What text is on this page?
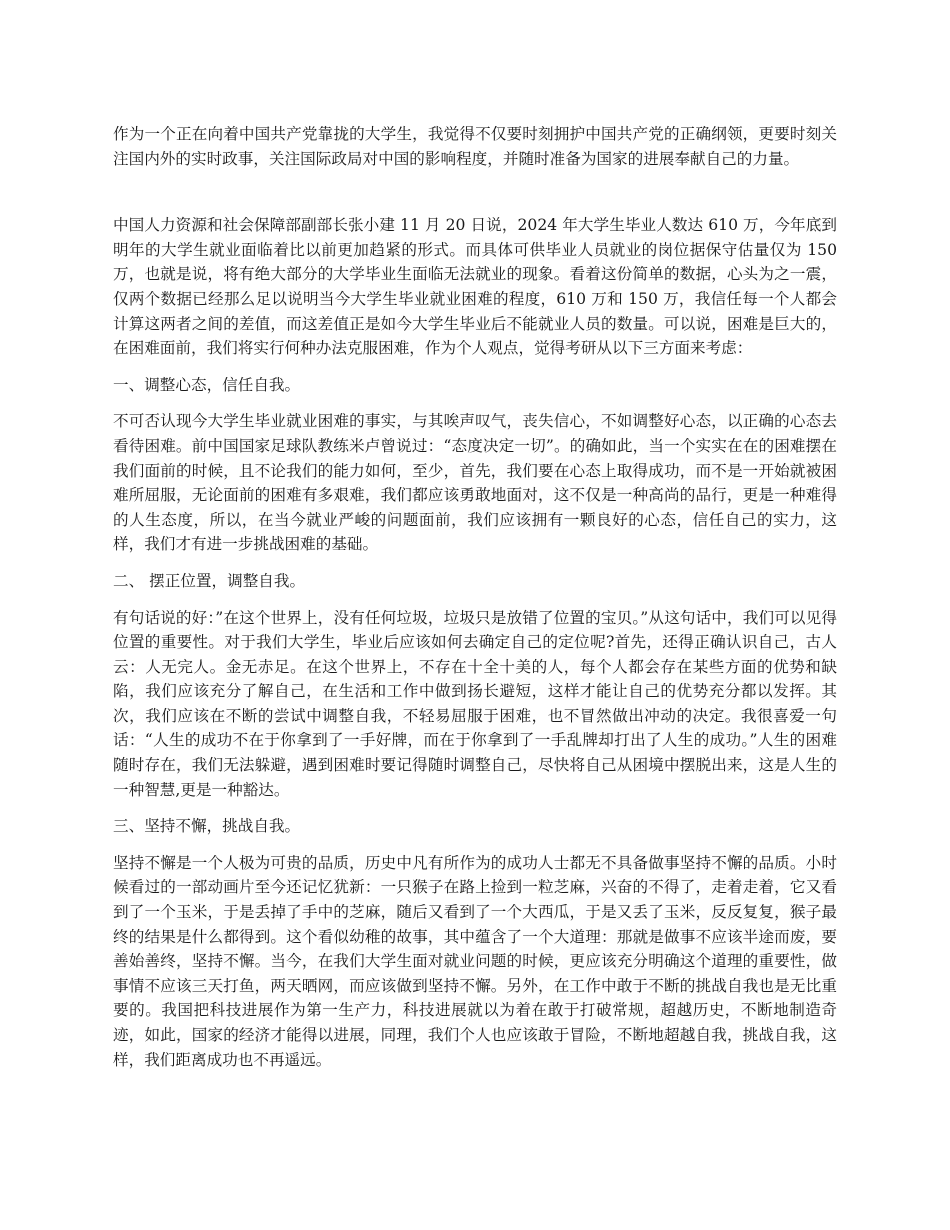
作为一个正在向着中国共产党靠拢的大学生，我觉得不仅要时刻拥护中国共产党的正确纲领，更要时刻关注国内外的实时政事，关注国际政局对中国的影响程度，并随时准备为国家的进展奉献自己的力量。

中国人力资源和社会保障部副部长张小建 11 月 20 日说，2024 年大学生毕业人数达 610 万，今年底到明年的大学生就业面临着比以前更加趋紧的形式。而具体可供毕业人员就业的岗位据保守估量仅为 150 万，也就是说，将有绝大部分的大学毕业生面临无法就业的现象。看着这份简单的数据，心头为之一震，仅两个数据已经那么足以说明当今大学生毕业就业困难的程度，610 万和 150 万，我信任每一个人都会计算这两者之间的差值，而这差值正是如今大学生毕业后不能就业人员的数量。可以说，困难是巨大的，在困难面前，我们将实行何种办法克服困难，作为个人观点，觉得考研从以下三方面来考虑：

一、调整心态，信任自我。

不可否认现今大学生毕业就业困难的事实，与其唉声叹气，丧失信心，不如调整好心态，以正确的心态去看待困难。前中国国家足球队教练米卢曾说过：“态度决定一切”。的确如此，当一个实实在在的困难摆在我们面前的时候，且不论我们的能力如何，至少，首先，我们要在心态上取得成功，而不是一开始就被困难所屈服，无论面前的困难有多艰难，我们都应该勇敢地面对，这不仅是一种高尚的品行，更是一种难得的人生态度，所以，在当今就业严峻的问题面前，我们应该拥有一颗良好的心态，信任自己的实力，这样，我们才有进一步挑战困难的基础。

二、 摆正位置，调整自我。

有句话说的好：”在这个世界上，没有任何垃圾，垃圾只是放错了位置的宝贝。”从这句话中，我们可以见得位置的重要性。对于我们大学生，毕业后应该如何去确定自己的定位呢?首先，还得正确认识自己，古人云：人无完人。金无赤足。在这个世界上，不存在十全十美的人，每个人都会存在某些方面的优势和缺陷，我们应该充分了解自己，在生活和工作中做到扬长避短，这样才能让自己的优势充分都以发挥。其次，我们应该在不断的尝试中调整自我，不轻易屈服于困难，也不冒然做出冲动的决定。我很喜爱一句话：“人生的成功不在于你拿到了一手好牌，而在于你拿到了一手乱牌却打出了人生的成功。”人生的困难随时存在，我们无法躲避，遇到困难时要记得随时调整自己，尽快将自己从困境中摆脱出来，这是人生的一种智慧,更是一种豁达。

三、坚持不懈，挑战自我。

坚持不懈是一个人极为可贵的品质，历史中凡有所作为的成功人士都无不具备做事坚持不懈的品质。小时候看过的一部动画片至今还记忆犹新：一只猴子在路上捡到一粒芝麻，兴奋的不得了，走着走着，它又看到了一个玉米，于是丢掉了手中的芝麻，随后又看到了一个大西瓜，于是又丢了玉米，反反复复，猴子最终的结果是什么都得到。这个看似幼稚的故事，其中蕴含了一个大道理：那就是做事不应该半途而废，要善始善终，坚持不懈。当今，在我们大学生面对就业问题的时候，更应该充分明确这个道理的重要性，做事情不应该三天打鱼，两天晒网，而应该做到坚持不懈。另外，在工作中敢于不断的挑战自我也是无比重要的。我国把科技进展作为第一生产力，科技进展就以为着在敢于打破常规，超越历史，不断地制造奇迹，如此，国家的经济才能得以进展，同理，我们个人也应该敢于冒险，不断地超越自我，挑战自我，这样，我们距离成功也不再遥远。
